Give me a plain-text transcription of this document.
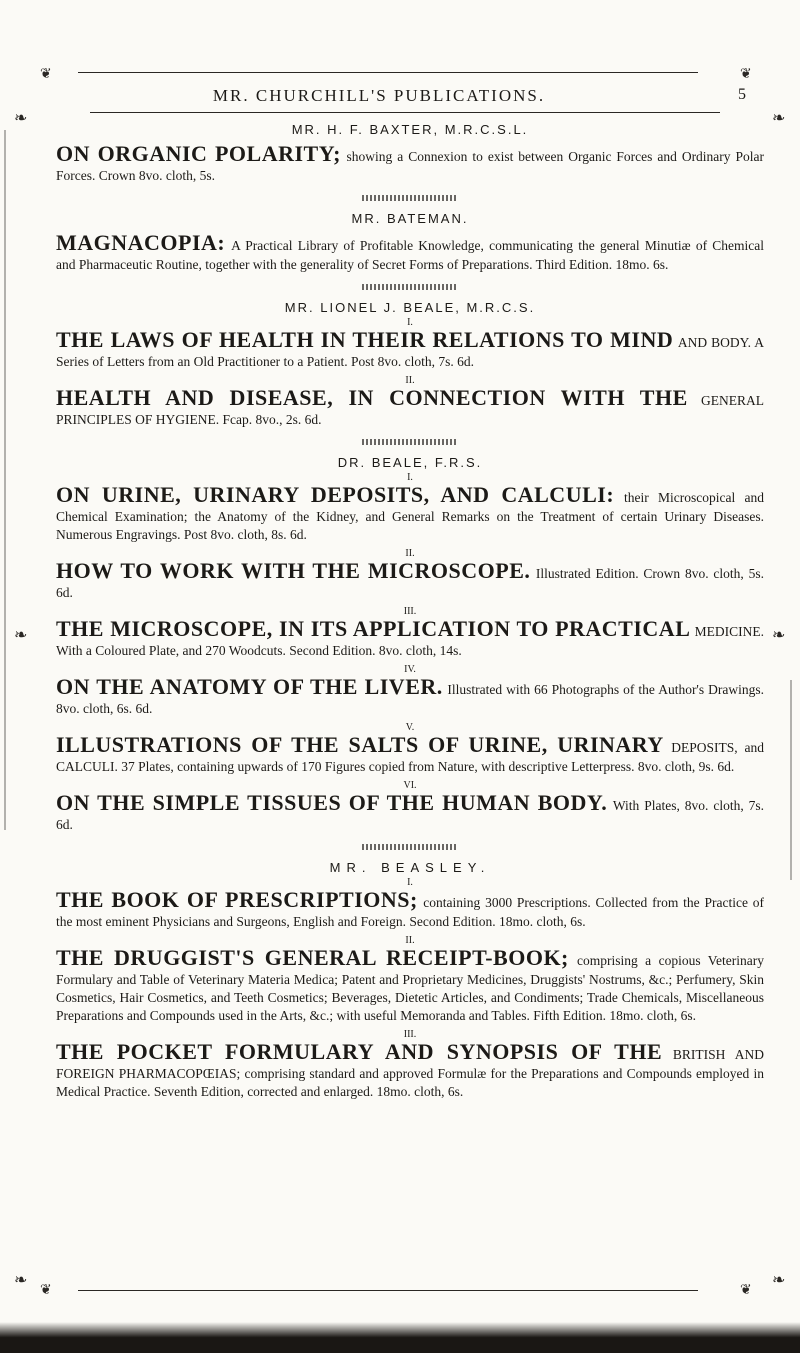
❦	❦
MR. CHURCHILL'S PUBLICATIONS.	5
❧
❧
❧
❧
❧
❧
MR. H. F. BAXTER, M.R.C.S.L.
ON ORGANIC POLARITY; showing a Connexion to exist between Organic Forces and Ordinary Polar Forces. Crown 8vo. cloth, 5s.
MR. BATEMAN.
MAGNACOPIA: A Practical Library of Profitable Knowledge, communicating the general Minutiæ of Chemical and Pharmaceutic Routine, together with the generality of Secret Forms of Preparations. Third Edition. 18mo. 6s.
MR. LIONEL J. BEALE, M.R.C.S.
I.
THE LAWS OF HEALTH IN THEIR RELATIONS TO MIND AND BODY. A Series of Letters from an Old Practitioner to a Patient. Post 8vo. cloth, 7s. 6d.
II.
HEALTH AND DISEASE, IN CONNECTION WITH THE GENERAL PRINCIPLES OF HYGIENE. Fcap. 8vo., 2s. 6d.
DR. BEALE, F.R.S.
I.
ON URINE, URINARY DEPOSITS, AND CALCULI: their Microscopical and Chemical Examination; the Anatomy of the Kidney, and General Remarks on the Treatment of certain Urinary Diseases. Numerous Engravings. Post 8vo. cloth, 8s. 6d.
II.
HOW TO WORK WITH THE MICROSCOPE. Illustrated Edition. Crown 8vo. cloth, 5s. 6d.
III.
THE MICROSCOPE, IN ITS APPLICATION TO PRACTICAL MEDICINE. With a Coloured Plate, and 270 Woodcuts. Second Edition. 8vo. cloth, 14s.
IV.
ON THE ANATOMY OF THE LIVER. Illustrated with 66 Photographs of the Author's Drawings. 8vo. cloth, 6s. 6d.
V.
ILLUSTRATIONS OF THE SALTS OF URINE, URINARY DEPOSITS, and CALCULI. 37 Plates, containing upwards of 170 Figures copied from Nature, with descriptive Letterpress. 8vo. cloth, 9s. 6d.
VI.
ON THE SIMPLE TISSUES OF THE HUMAN BODY. With Plates, 8vo. cloth, 7s. 6d.
MR. BEASLEY.
I.
THE BOOK OF PRESCRIPTIONS; containing 3000 Prescriptions. Collected from the Practice of the most eminent Physicians and Surgeons, English and Foreign. Second Edition. 18mo. cloth, 6s.
II.
THE DRUGGIST'S GENERAL RECEIPT-BOOK; comprising a copious Veterinary Formulary and Table of Veterinary Materia Medica; Patent and Proprietary Medicines, Druggists' Nostrums, &c.; Perfumery, Skin Cosmetics, Hair Cosmetics, and Teeth Cosmetics; Beverages, Dietetic Articles, and Condiments; Trade Chemicals, Miscellaneous Preparations and Compounds used in the Arts, &c.; with useful Memoranda and Tables. Fifth Edition. 18mo. cloth, 6s.
III.
THE POCKET FORMULARY AND SYNOPSIS OF THE BRITISH AND FOREIGN PHARMACOPŒIAS; comprising standard and approved Formulæ for the Preparations and Compounds employed in Medical Practice. Seventh Edition, corrected and enlarged. 18mo. cloth, 6s.
❦	❦
